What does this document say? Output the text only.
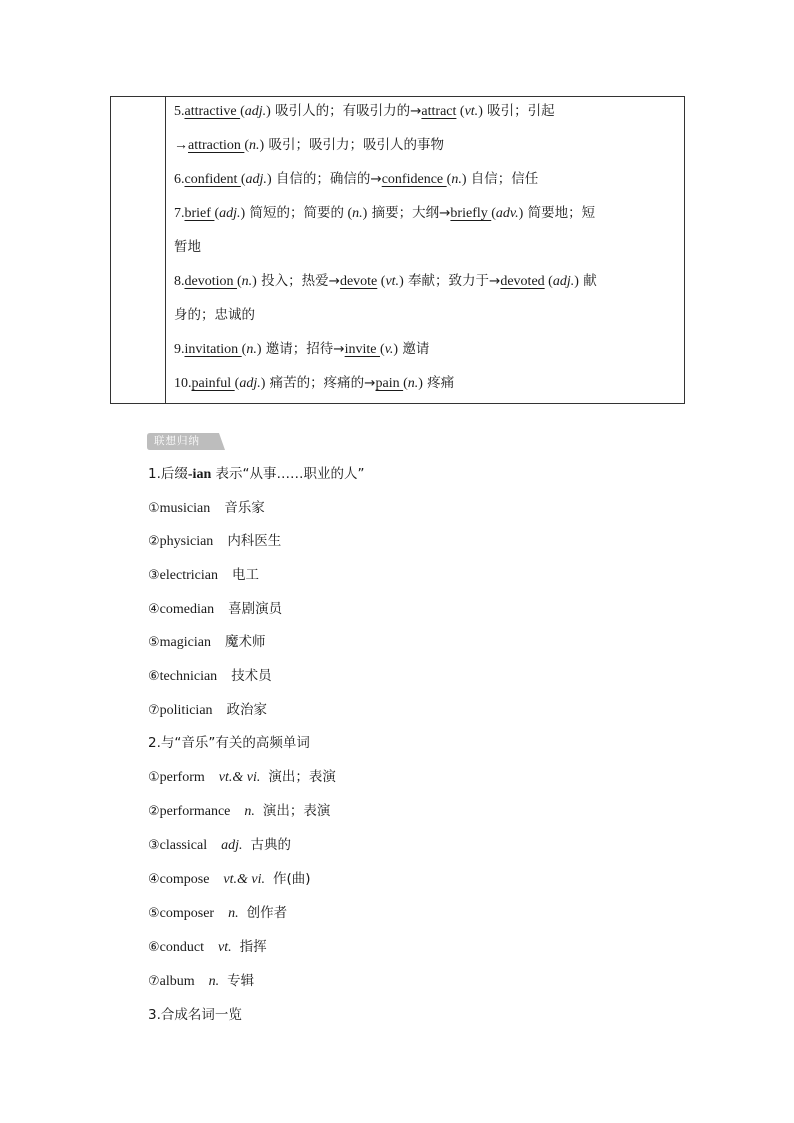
5.attractive (adj.) 吸引人的；有吸引力的→attract (vt.) 吸引；引起
→attraction (n.) 吸引；吸引力；吸引人的事物
6.confident (adj.) 自信的；确信的→confidence (n.) 自信；信任
7.brief (adj.) 简短的；简要的 (n.) 摘要；大纲→briefly (adv.) 简要地；短
暂地
8.devotion (n.) 投入；热爱→devote (vt.) 奉献；致力于→devoted (adj.) 献
身的；忠诚的
9.invitation (n.) 邀请；招待→invite (v.) 邀请
10.painful (adj.) 痛苦的；疼痛的→pain (n.) 疼痛
联想归纳
1.后缀-ian 表示“从事……职业的人”
①musician 音乐家
②physician 内科医生
③electrician 电工
④comedian 喜剧演员
⑤magician 魔术师
⑥technician 技术员
⑦politician 政治家
2.与“音乐”有关的高频单词
①perform vt.& vi. 演出；表演
②performance n. 演出；表演
③classical adj. 古典的
④compose vt.& vi. 作(曲)
⑤composer n. 创作者
⑥conduct vt. 指挥
⑦album n. 专辑
3.合成名词一览
